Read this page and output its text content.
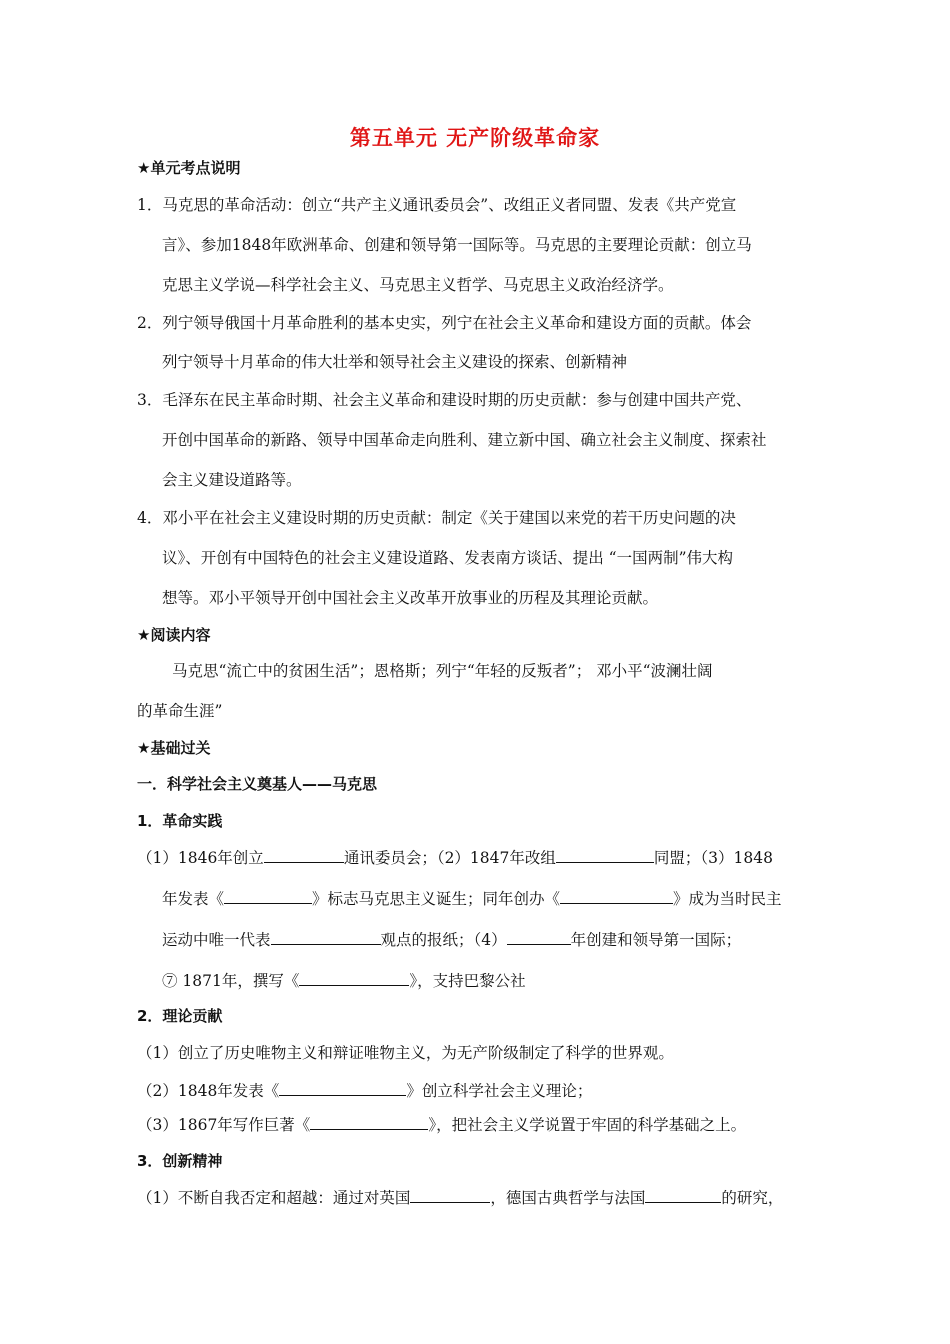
第五单元 无产阶级革命家
★单元考点说明
1．马克思的革命活动：创立“共产主义通讯委员会”、改组正义者同盟、发表《共产党宣
言》、参加1848年欧洲革命、创建和领导第一国际等。马克思的主要理论贡献：创立马
克思主义学说—科学社会主义、马克思主义哲学、马克思主义政治经济学。
2．列宁领导俄国十月革命胜利的基本史实，列宁在社会主义革命和建设方面的贡献。体会
列宁领导十月革命的伟大壮举和领导社会主义建设的探索、创新精神
3．毛泽东在民主革命时期、社会主义革命和建设时期的历史贡献：参与创建中国共产党、
开创中国革命的新路、领导中国革命走向胜利、建立新中国、确立社会主义制度、探索社
会主义建设道路等。
4．邓小平在社会主义建设时期的历史贡献：制定《关于建国以来党的若干历史问题的决
议》、开创有中国特色的社会主义建设道路、发表南方谈话、提出 “一国两制”伟大构
想等。邓小平领导开创中国社会主义改革开放事业的历程及其理论贡献。
★阅读内容
马克思“流亡中的贫困生活”；恩格斯；列宁“年轻的反叛者”； 邓小平“波澜壮阔
的革命生涯”
★基础过关
一．科学社会主义奠基人——马克思
1．革命实践
（1）1846年创立	通讯委员会；（2）1847年改组	同盟；（3）1848
年发表《	》标志马克思主义诞生；同年创办《	》成为当时民主
运动中唯一代表	观点的报纸；（4）	年创建和领导第一国际；
⑦ 1871年，撰写《	》，支持巴黎公社
2．理论贡献
（1）创立了历史唯物主义和辩证唯物主义，为无产阶级制定了科学的世界观。
（2）1848年发表《	》创立科学社会主义理论；
（3）1867年写作巨著《	》，把社会主义学说置于牢固的科学基础之上。
3．创新精神
（1）不断自我否定和超越：通过对英国	，德国古典哲学与法国	的研究，
